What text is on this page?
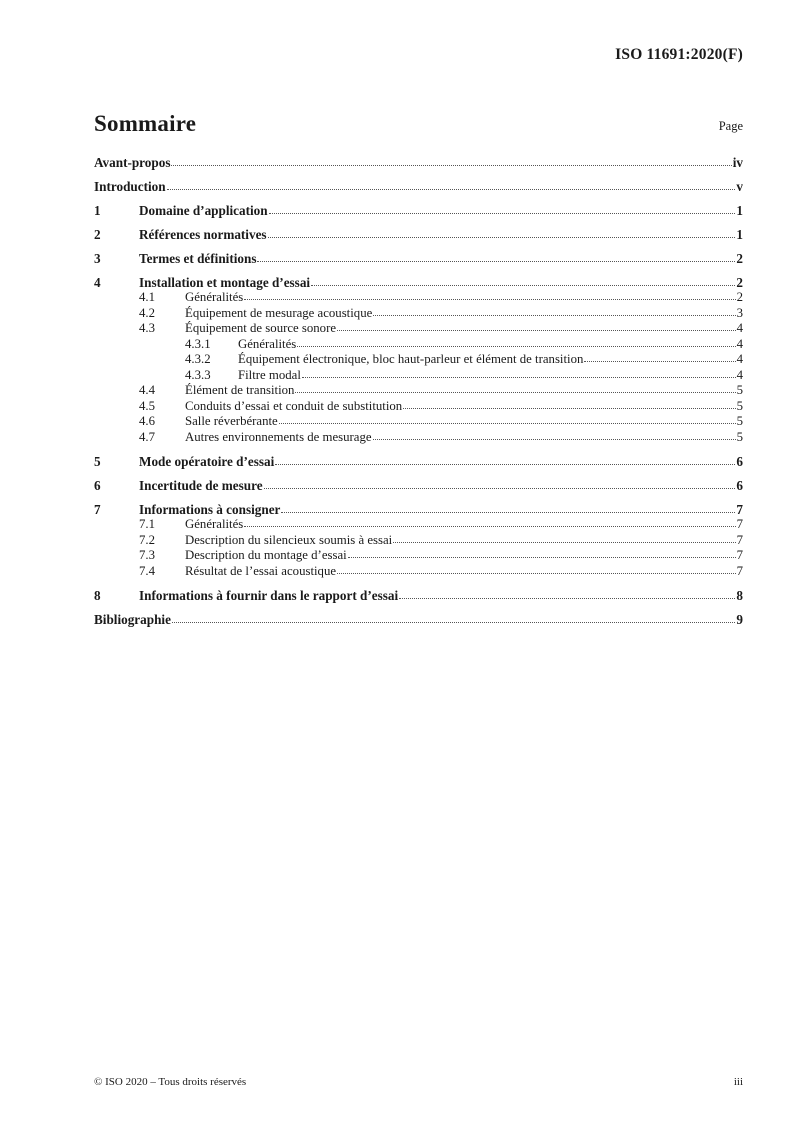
ISO 11691:2020(F)
Sommaire	Page
Avant-propos	iv
Introduction	v
1	Domaine d’application	1
2	Références normatives	1
3	Termes et définitions	2
4	Installation et montage d’essai	2
4.1	Généralités	2
4.2	Équipement de mesurage acoustique	3
4.3	Équipement de source sonore	4
4.3.1	Généralités	4
4.3.2	Équipement électronique, bloc haut-parleur et élément de transition	4
4.3.3	Filtre modal	4
4.4	Élément de transition	5
4.5	Conduits d’essai et conduit de substitution	5
4.6	Salle réverbérante	5
4.7	Autres environnements de mesurage	5
5	Mode opératoire d’essai	6
6	Incertitude de mesure	6
7	Informations à consigner	7
7.1	Généralités	7
7.2	Description du silencieux soumis à essai	7
7.3	Description du montage d’essai	7
7.4	Résultat de l’essai acoustique	7
8	Informations à fournir dans le rapport d’essai	8
Bibliographie	9
© ISO 2020 – Tous droits réservés	iii
